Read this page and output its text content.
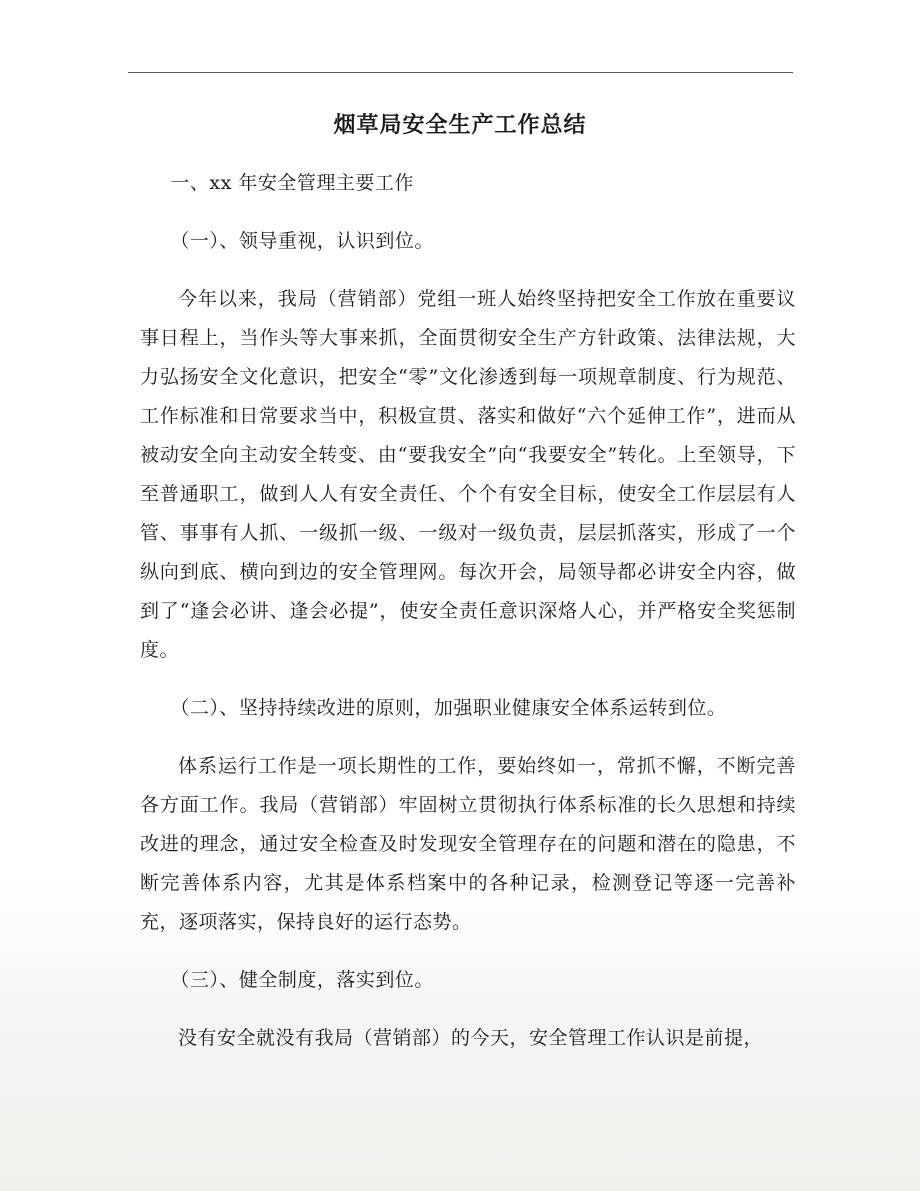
烟草局安全生产工作总结

一、xx 年安全管理主要工作

（一）、领导重视，认识到位。

今年以来，我局（营销部）党组一班人始终坚持把安全工作放在重要议事日程上，当作头等大事来抓，全面贯彻安全生产方针政策、法律法规，大力弘扬安全文化意识，把安全“零”文化渗透到每一项规章制度、行为规范、工作标准和日常要求当中，积极宣贯、落实和做好“六个延伸工作”，进而从被动安全向主动安全转变、由“要我安全”向“我要安全”转化。上至领导，下至普通职工，做到人人有安全责任、个个有安全目标，使安全工作层层有人管、事事有人抓、一级抓一级、一级对一级负责，层层抓落实，形成了一个纵向到底、横向到边的安全管理网。每次开会，局领导都必讲安全内容，做到了“逢会必讲、逢会必提”，使安全责任意识深烙人心，并严格安全奖惩制度。

（二）、坚持持续改进的原则，加强职业健康安全体系运转到位。

体系运行工作是一项长期性的工作，要始终如一，常抓不懈，不断完善各方面工作。我局（营销部）牢固树立贯彻执行体系标准的长久思想和持续改进的理念，通过安全检查及时发现安全管理存在的问题和潜在的隐患，不断完善体系内容，尤其是体系档案中的各种记录，检测登记等逐一完善补充，逐项落实，保持良好的运行态势。

（三）、健全制度，落实到位。

没有安全就没有我局（营销部）的今天，安全管理工作认识是前提，
